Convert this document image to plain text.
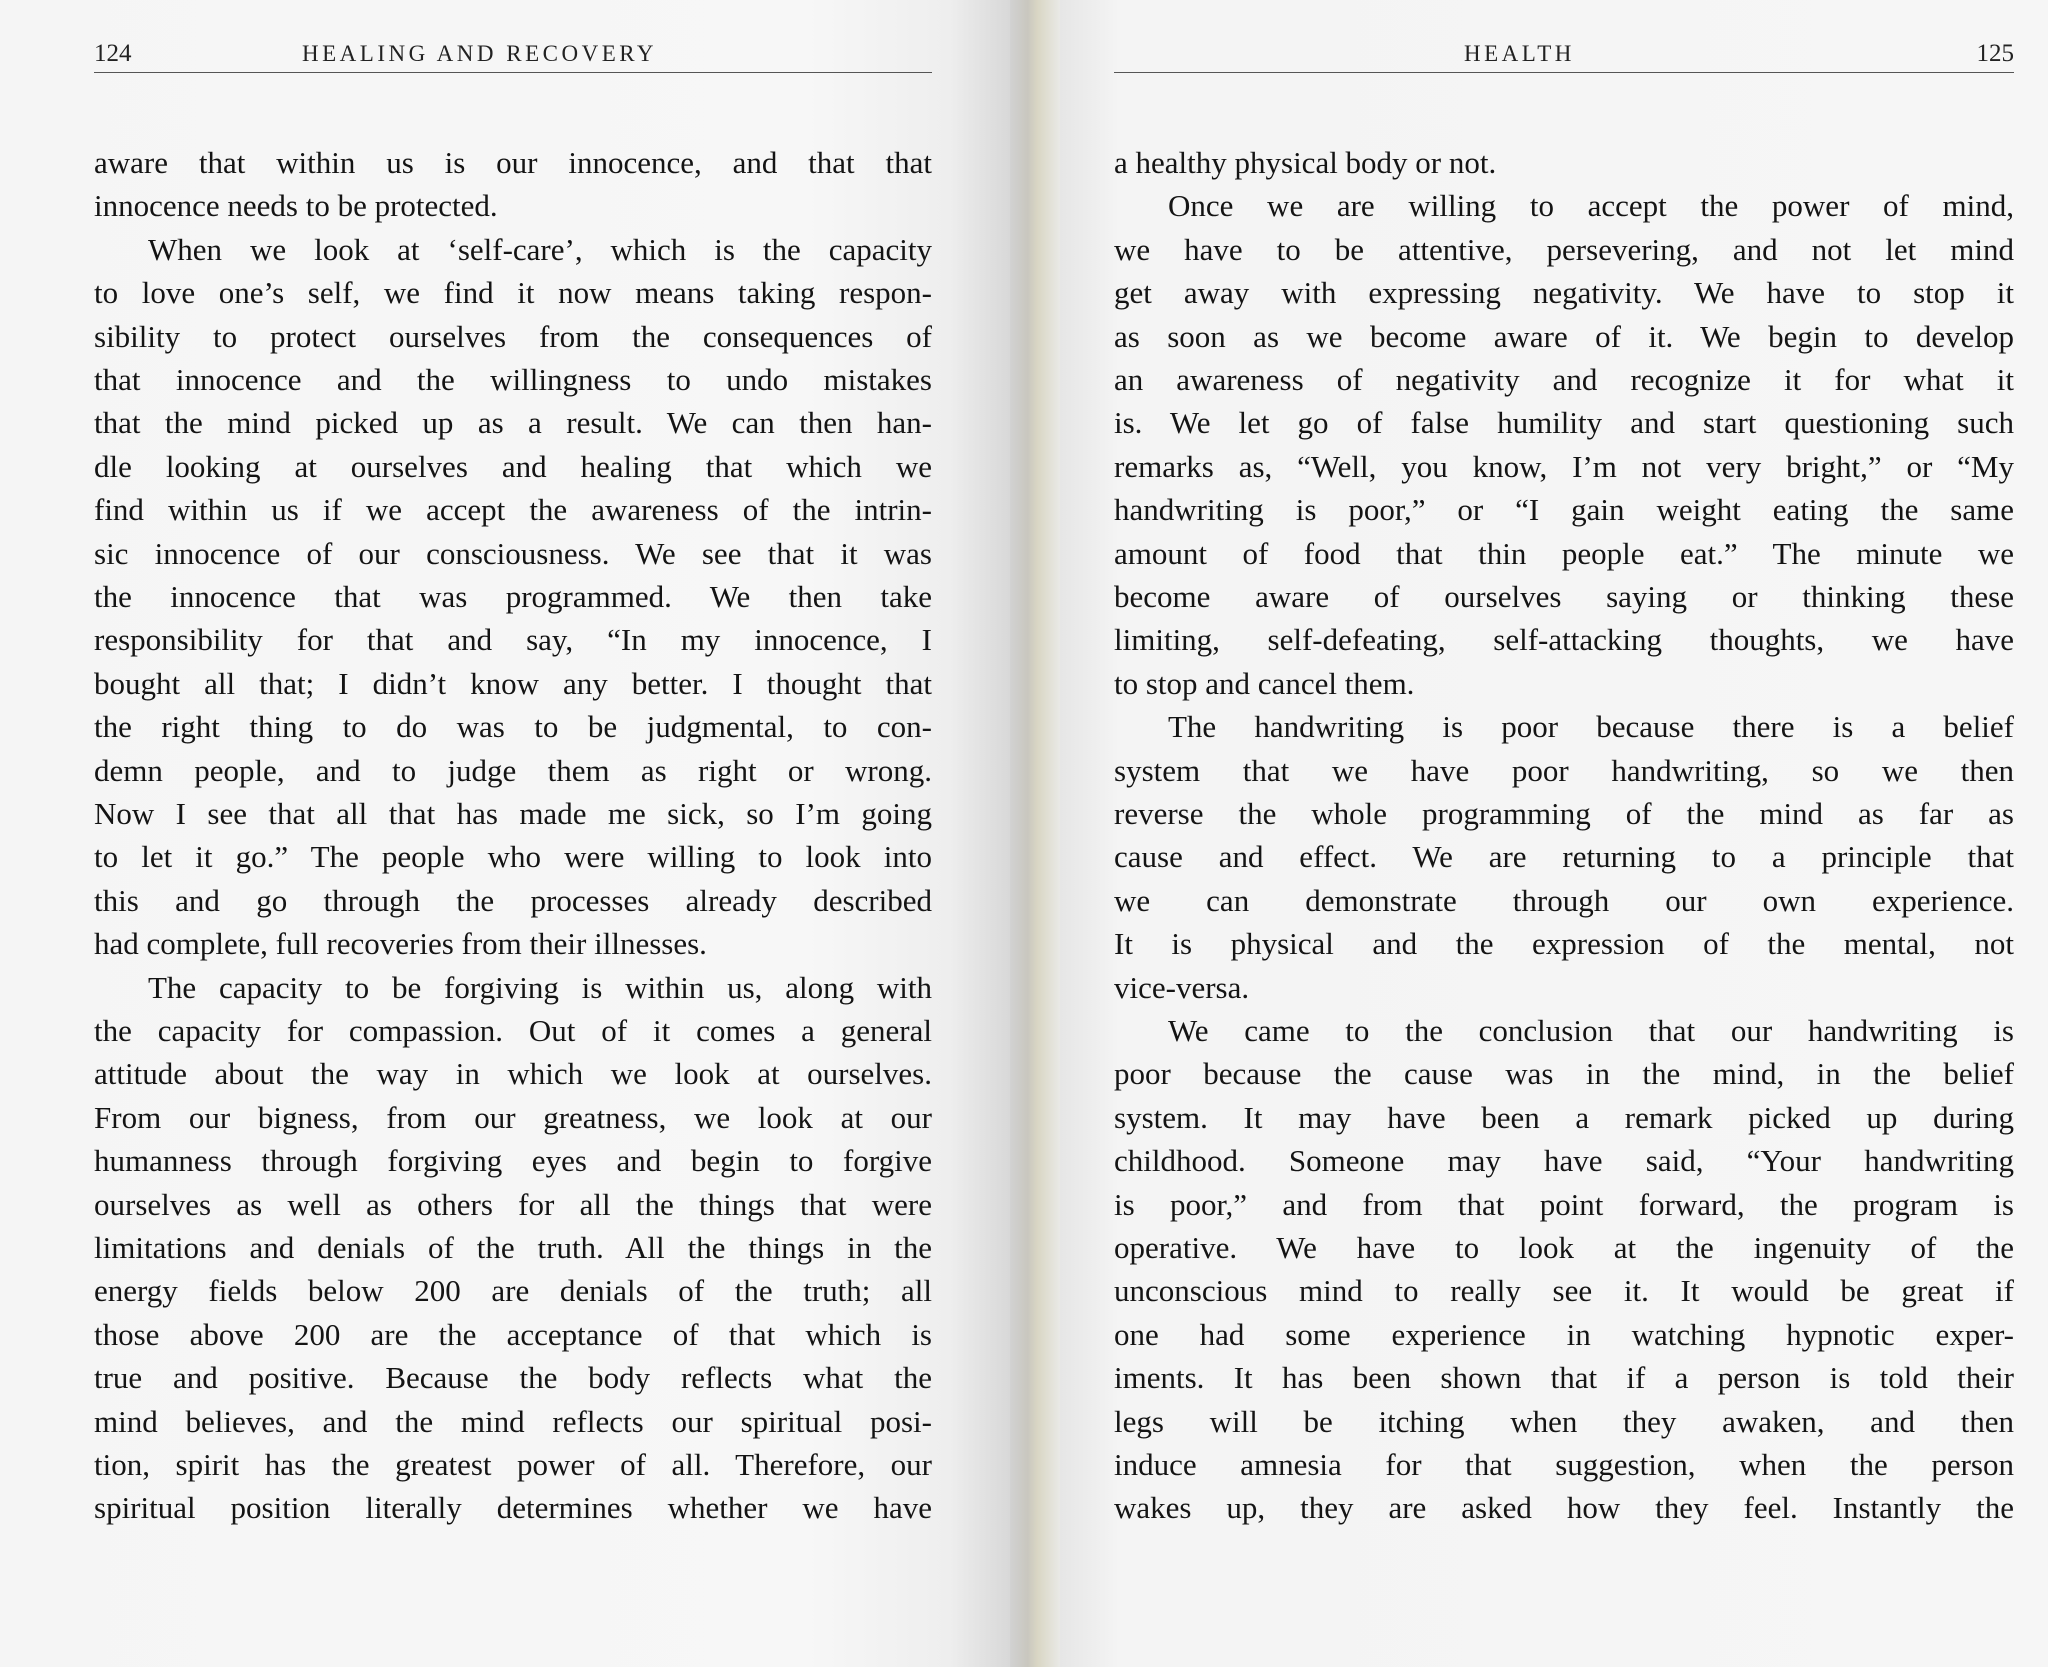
124	HEALING AND RECOVERY
aware that within us is our innocence, and that that
innocence needs to be protected.
When we look at ‘self-care’, which is the capacity
to love one’s self, we find it now means taking respon-
sibility to protect ourselves from the consequences of
that innocence and the willingness to undo mistakes
that the mind picked up as a result. We can then han-
dle looking at ourselves and healing that which we
find within us if we accept the awareness of the intrin-
sic innocence of our consciousness. We see that it was
the innocence that was programmed. We then take
responsibility for that and say, “In my innocence, I
bought all that; I didn’t know any better. I thought that
the right thing to do was to be judgmental, to con-
demn people, and to judge them as right or wrong.
Now I see that all that has made me sick, so I’m going
to let it go.” The people who were willing to look into
this and go through the processes already described
had complete, full recoveries from their illnesses.
The capacity to be forgiving is within us, along with
the capacity for compassion. Out of it comes a general
attitude about the way in which we look at ourselves.
From our bigness, from our greatness, we look at our
humanness through forgiving eyes and begin to forgive
ourselves as well as others for all the things that were
limitations and denials of the truth. All the things in the
energy fields below 200 are denials of the truth; all
those above 200 are the acceptance of that which is
true and positive. Because the body reflects what the
mind believes, and the mind reflects our spiritual posi-
tion, spirit has the greatest power of all. Therefore, our
spiritual position literally determines whether we have
HEALTH	125
a healthy physical body or not.
Once we are willing to accept the power of mind,
we have to be attentive, persevering, and not let mind
get away with expressing negativity. We have to stop it
as soon as we become aware of it. We begin to develop
an awareness of negativity and recognize it for what it
is. We let go of false humility and start questioning such
remarks as, “Well, you know, I’m not very bright,” or “My
handwriting is poor,” or “I gain weight eating the same
amount of food that thin people eat.” The minute we
become aware of ourselves saying or thinking these
limiting, self-defeating, self-attacking thoughts, we have
to stop and cancel them.
The handwriting is poor because there is a belief
system that we have poor handwriting, so we then
reverse the whole programming of the mind as far as
cause and effect. We are returning to a principle that
we can demonstrate through our own experience.
It is physical and the expression of the mental, not
vice-versa.
We came to the conclusion that our handwriting is
poor because the cause was in the mind, in the belief
system. It may have been a remark picked up during
childhood. Someone may have said, “Your handwriting
is poor,” and from that point forward, the program is
operative. We have to look at the ingenuity of the
unconscious mind to really see it. It would be great if
one had some experience in watching hypnotic exper-
iments. It has been shown that if a person is told their
legs will be itching when they awaken, and then
induce amnesia for that suggestion, when the person
wakes up, they are asked how they feel. Instantly the
